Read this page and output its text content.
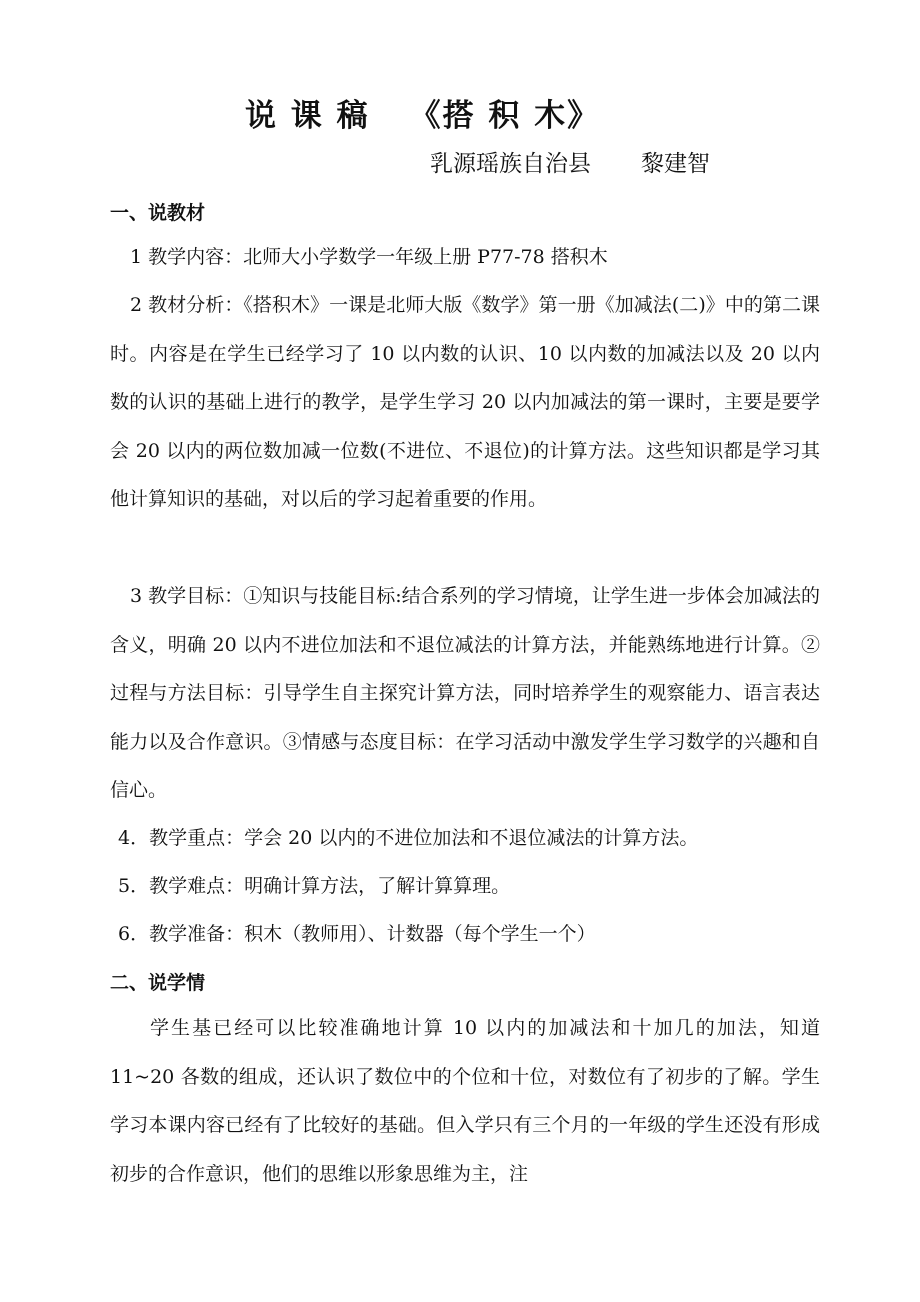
说 课 稿 《搭 积 木》
乳源瑶族自治县 黎建智
一、说教材
1 教学内容：北师大小学数学一年级上册 P77-78 搭积木
2 教材分析：《搭积木》一课是北师大版《数学》第一册《加减法(二)》中的第二课时。内容是在学生已经学习了 10 以内数的认识、10 以内数的加减法以及 20 以内数的认识的基础上进行的教学，是学生学习 20 以内加减法的第一课时，主要是要学会 20 以内的两位数加减一位数(不进位、不退位)的计算方法。这些知识都是学习其他计算知识的基础，对以后的学习起着重要的作用。
3 教学目标：①知识与技能目标:结合系列的学习情境，让学生进一步体会加减法的含义，明确 20 以内不进位加法和不退位减法的计算方法，并能熟练地进行计算。②过程与方法目标：引导学生自主探究计算方法，同时培养学生的观察能力、语言表达能力以及合作意识。③情感与态度目标：在学习活动中激发学生学习数学的兴趣和自信心。
4．教学重点：学会 20 以内的不进位加法和不退位减法的计算方法。
5．教学难点：明确计算方法，了解计算算理。
6．教学准备：积木（教师用）、计数器（每个学生一个）
二、说学情
学生基已经可以比较准确地计算 10 以内的加减法和十加几的加法，知道 11~20 各数的组成，还认识了数位中的个位和十位，对数位有了初步的了解。学生学习本课内容已经有了比较好的基础。但入学只有三个月的一年级的学生还没有形成初步的合作意识，他们的思维以形象思维为主，注
